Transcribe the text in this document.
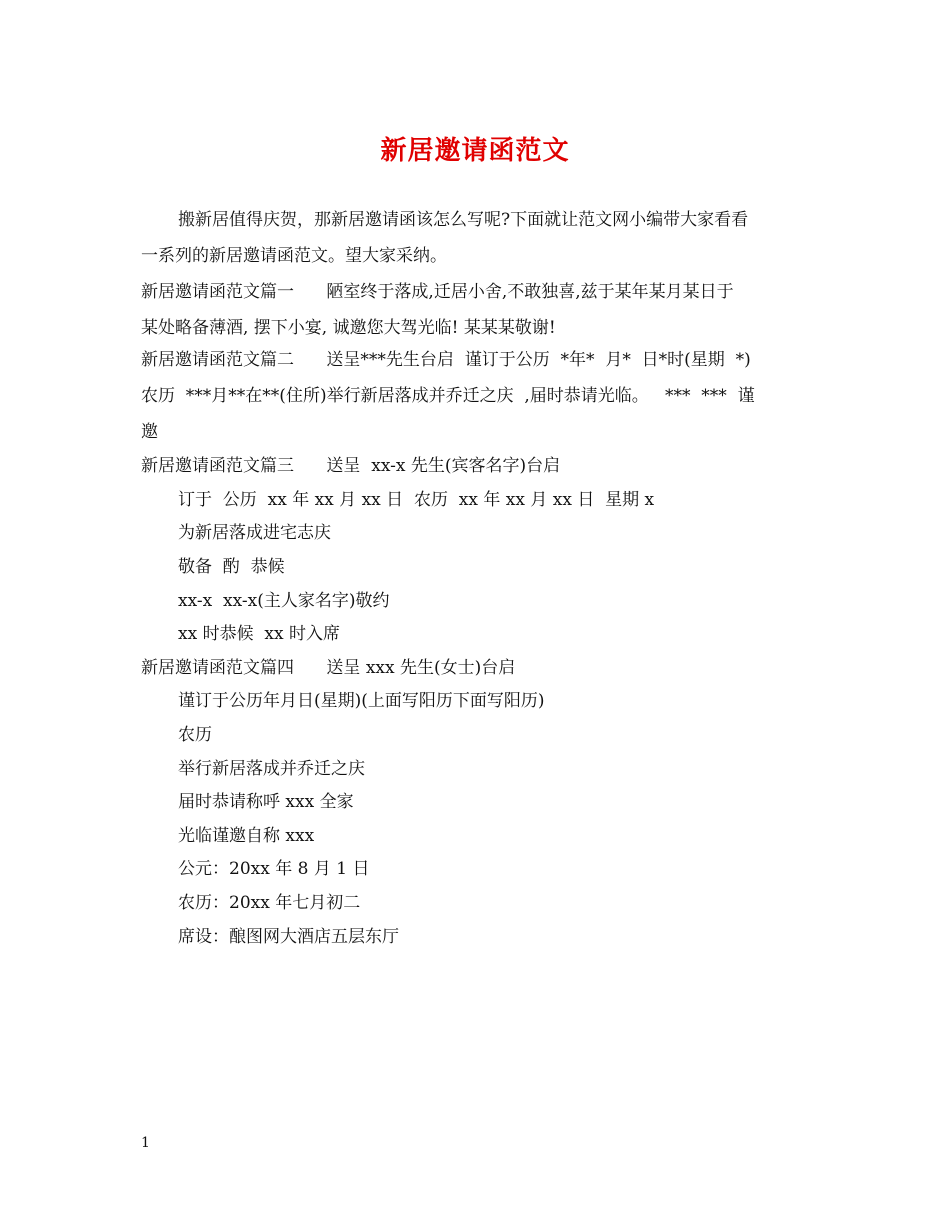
新居邀请函范文
搬新居值得庆贺，那新居邀请函该怎么写呢?下面就让范文网小编带大家看看
一系列的新居邀请函范文。望大家采纳。
新居邀请函范文篇一      陋室终于落成,迁居小舍,不敢独喜,兹于某年某月某日于
某处略备薄酒, 摆下小宴, 诚邀您大驾光临! 某某某敬谢!
新居邀请函范文篇二      送呈***先生台启  谨订于公历  *年*  月*  日*时(星期  *)
农历  ***月**在**(住所)举行新居落成并乔迁之庆  ,届时恭请光临。   ***  ***  谨
邀
新居邀请函范文篇三      送呈  xx-x 先生(宾客名字)台启
订于  公历  xx 年 xx 月 xx 日  农历  xx 年 xx 月 xx 日  星期 x
为新居落成进宅志庆
敬备  酌  恭候
xx-x  xx-x(主人家名字)敬约
xx 时恭候  xx 时入席
新居邀请函范文篇四      送呈 xxx 先生(女士)台启
谨订于公历年月日(星期)(上面写阳历下面写阳历)
农历
举行新居落成并乔迁之庆
届时恭请称呼 xxx 全家
光临谨邀自称 xxx
公元：20xx 年 8 月 1 日
农历：20xx 年七月初二
席设：酿图网大酒店五层东厅
1
